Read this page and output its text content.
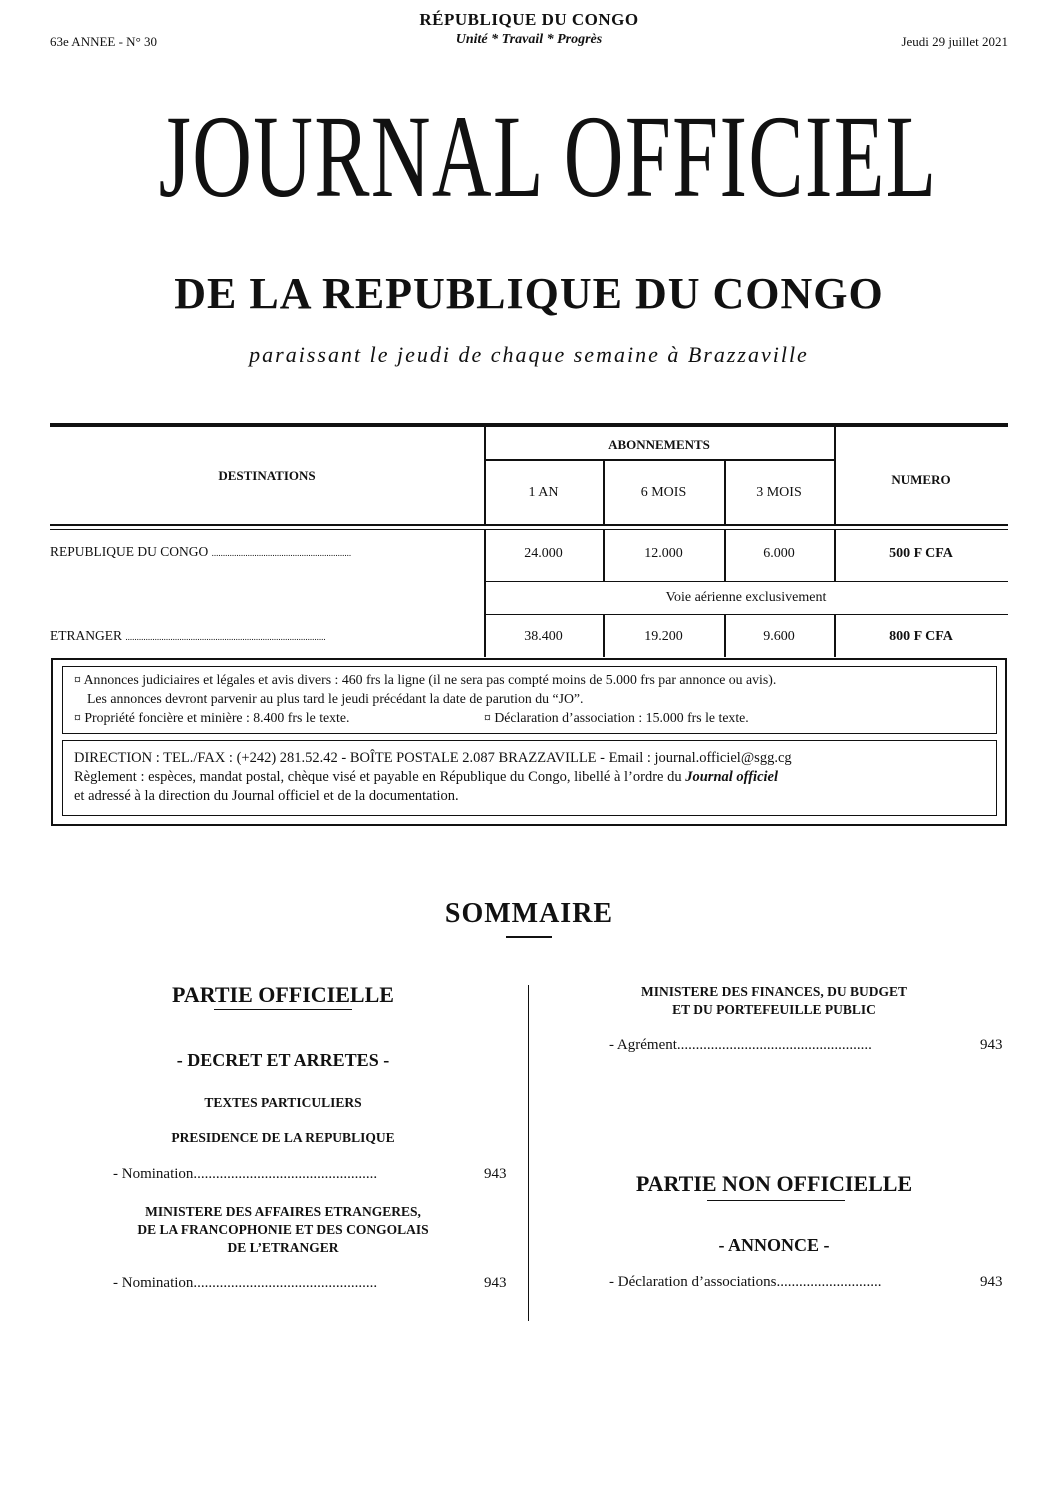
RÉPUBLIQUE DU CONGO
Unité * Travail * Progrès
63e ANNEE - N° 30	Jeudi 29 juillet 2021
JOURNAL OFFICIEL
DE LA REPUBLIQUE DU CONGO
paraissant le jeudi de chaque semaine à Brazzaville
DESTINATIONS
ABONNEMENTS
NUMERO
1 AN	6 MOIS	3 MOIS
REPUBLIQUE DU CONGO ..............................................................	24.000	12.000	6.000	500 F CFA
Voie aérienne exclusivement
ETRANGER .........................................................................................	38.400	19.200	9.600	800 F CFA
¤ Annonces judiciaires et légales et avis divers : 460 frs la ligne (il ne sera pas compté moins de 5.000 frs par annonce ou avis).
Les annonces devront parvenir au plus tard le jeudi précédant la date de parution du “JO”.
¤ Propriété foncière et minière : 8.400 frs le texte.	¤ Déclaration d’association : 15.000 frs le texte.
DIRECTION : TEL./FAX : (+242) 281.52.42 - BOÎTE POSTALE 2.087 BRAZZAVILLE - Email : journal.officiel@sgg.cg
Règlement : espèces, mandat postal, chèque visé et payable en République du Congo, libellé à l’ordre du Journal officiel
et adressé à la direction du Journal officiel et de la documentation.
SOMMAIRE
PARTIE OFFICIELLE
- DECRET ET ARRETES -
TEXTES PARTICULIERS
PRESIDENCE DE LA REPUBLIQUE
- Nomination.................................................	943
MINISTERE DES AFFAIRES ETRANGERES,
DE LA FRANCOPHONIE ET DES CONGOLAIS
DE L’ETRANGER
- Nomination.................................................	943
MINISTERE DES FINANCES, DU BUDGET
ET DU PORTEFEUILLE PUBLIC
- Agrément....................................................	943
PARTIE NON OFFICIELLE
- ANNONCE -
- Déclaration d’associations............................	943
